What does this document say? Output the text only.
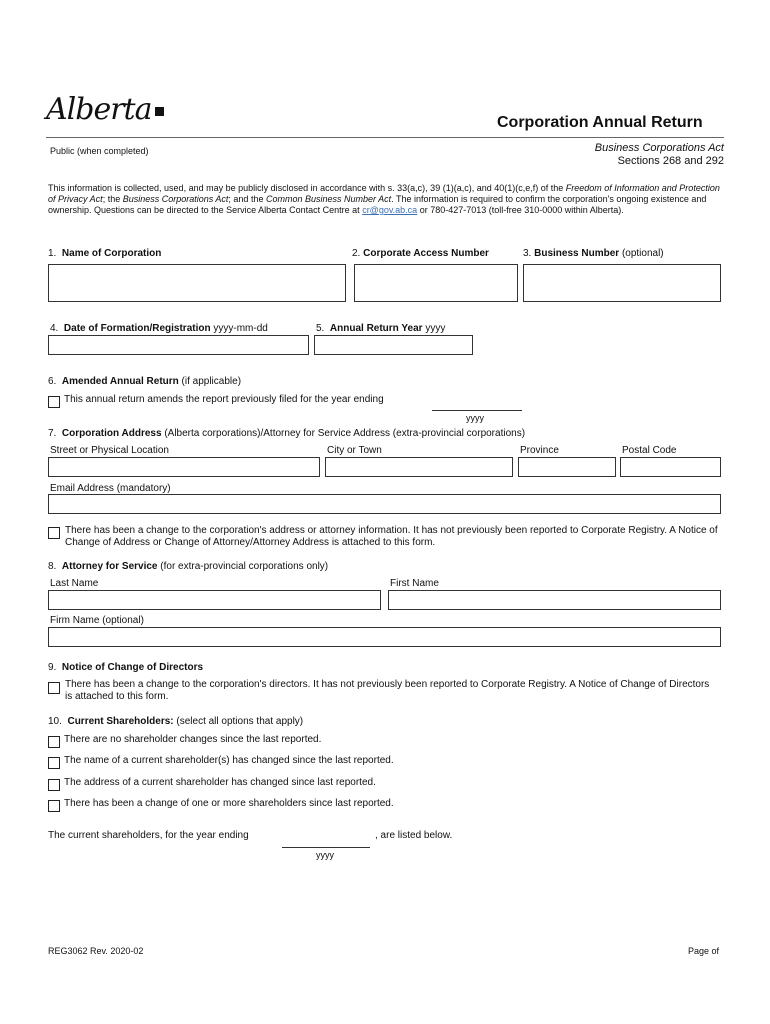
Alberta	Corporation Annual Return
Public (when completed)	Business Corporations Act
Sections 268 and 292
This information is collected, used, and may be publicly disclosed in accordance with s. 33(a,c), 39 (1)(a,c), and 40(1)(c,e,f) of the Freedom of Information and Protection of Privacy Act; the Business Corporations Act; and the Common Business Number Act. The information is required to confirm the corporation's ongoing existence and ownership. Questions can be directed to the Service Alberta Contact Centre at cr@gov.ab.ca or 780-427-7013 (toll-free 310-0000 within Alberta).
1. Name of Corporation	2. Corporate Access Number	3. Business Number (optional)
4. Date of Formation/Registration yyyy-mm-dd	5. Annual Return Year yyyy
6. Amended Annual Return (if applicable)
This annual return amends the report previously filed for the year ending
yyyy
7. Corporation Address (Alberta corporations)/Attorney for Service Address (extra-provincial corporations)
Street or Physical Location	City or Town	Province	Postal Code
Email Address (mandatory)
There has been a change to the corporation's address or attorney information. It has not previously been reported to Corporate Registry. A Notice of Change of Address or Change of Attorney/Attorney Address is attached to this form.
8. Attorney for Service (for extra-provincial corporations only)
Last Name	First Name
Firm Name (optional)
9. Notice of Change of Directors
There has been a change to the corporation's directors. It has not previously been reported to Corporate Registry. A Notice of Change of Directors is attached to this form.
10. Current Shareholders: (select all options that apply)
There are no shareholder changes since the last reported.
The name of a current shareholder(s) has changed since the last reported.
The address of a current shareholder has changed since last reported.
There has been a change of one or more shareholders since last reported.
The current shareholders, for the year ending	, are listed below.
yyyy
REG3062 Rev. 2020-02	Page of
